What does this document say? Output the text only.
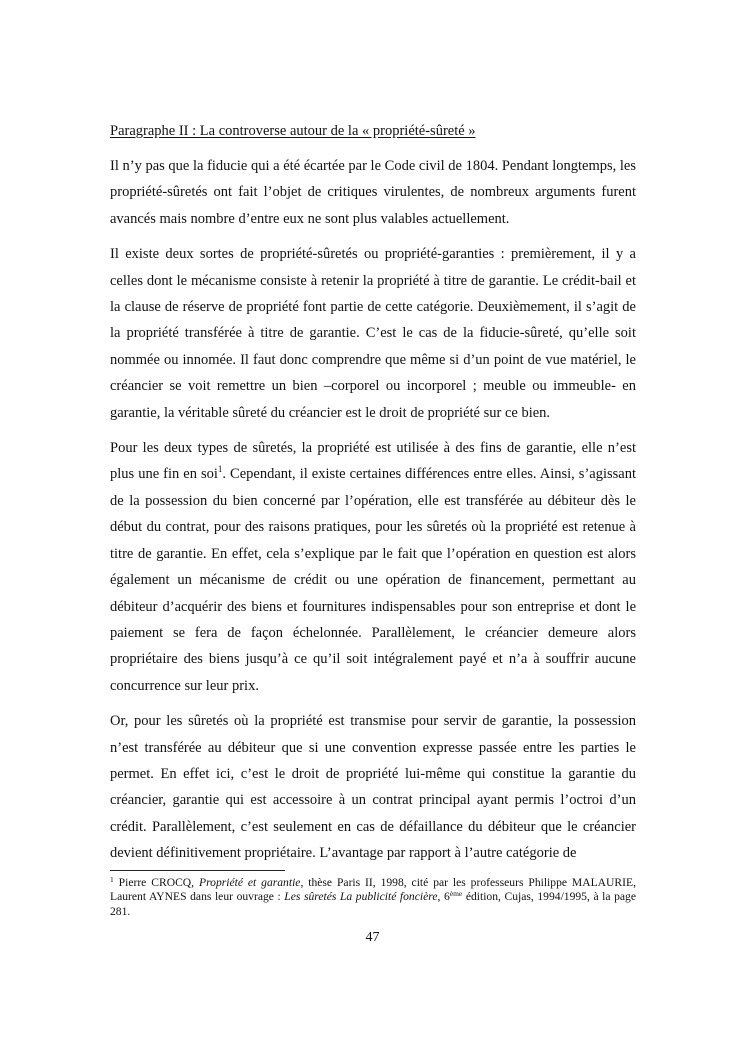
Paragraphe II : La controverse autour de la « propriété-sûreté »

Il n’y pas que la fiducie qui a été écartée par le Code civil de 1804. Pendant longtemps, les propriété-sûretés ont fait l’objet de critiques virulentes, de nombreux arguments furent avancés mais nombre d’entre eux ne sont plus valables actuellement.

Il existe deux sortes de propriété-sûretés ou propriété-garanties : premièrement, il y a celles dont le mécanisme consiste à retenir la propriété à titre de garantie. Le crédit-bail et la clause de réserve de propriété font partie de cette catégorie. Deuxièmement, il s’agit de la propriété transférée à titre de garantie. C’est le cas de la fiducie-sûreté, qu’elle soit nommée ou innomée. Il faut donc comprendre que même si d’un point de vue matériel, le créancier se voit remettre un bien –corporel ou incorporel ; meuble ou immeuble- en garantie, la véritable sûreté du créancier est le droit de propriété sur ce bien.

Pour les deux types de sûretés, la propriété est utilisée à des fins de garantie, elle n’est plus une fin en soi$^1$. Cependant, il existe certaines différences entre elles. Ainsi, s’agissant de la possession du bien concerné par l’opération, elle est transférée au débiteur dès le début du contrat, pour des raisons pratiques, pour les sûretés où la propriété est retenue à titre de garantie. En effet, cela s’explique par le fait que l’opération en question est alors également un mécanisme de crédit ou une opération de financement, permettant au débiteur d’acquérir des biens et fournitures indispensables pour son entreprise et dont le paiement se fera de façon échelonnée. Parallèlement, le créancier demeure alors propriétaire des biens jusqu’à ce qu’il soit intégralement payé et n’a à souffrir aucune concurrence sur leur prix.

Or, pour les sûretés où la propriété est transmise pour servir de garantie, la possession n’est transférée au débiteur que si une convention expresse passée entre les parties le permet. En effet ici, c’est le droit de propriété lui-même qui constitue la garantie du créancier, garantie qui est accessoire à un contrat principal ayant permis l’octroi d’un crédit. Parallèlement, c’est seulement en cas de défaillance du débiteur que le créancier devient définitivement propriétaire. L’avantage par rapport à l’autre catégorie de

$^1$ Pierre CROCQ, Propriété et garantie, thèse Paris II, 1998, cité par les professeurs Philippe MALAURIE, Laurent AYNES dans leur ouvrage : Les sûretés La publicité foncière, 6ème édition, Cujas, 1994/1995, à la page 281.
47
